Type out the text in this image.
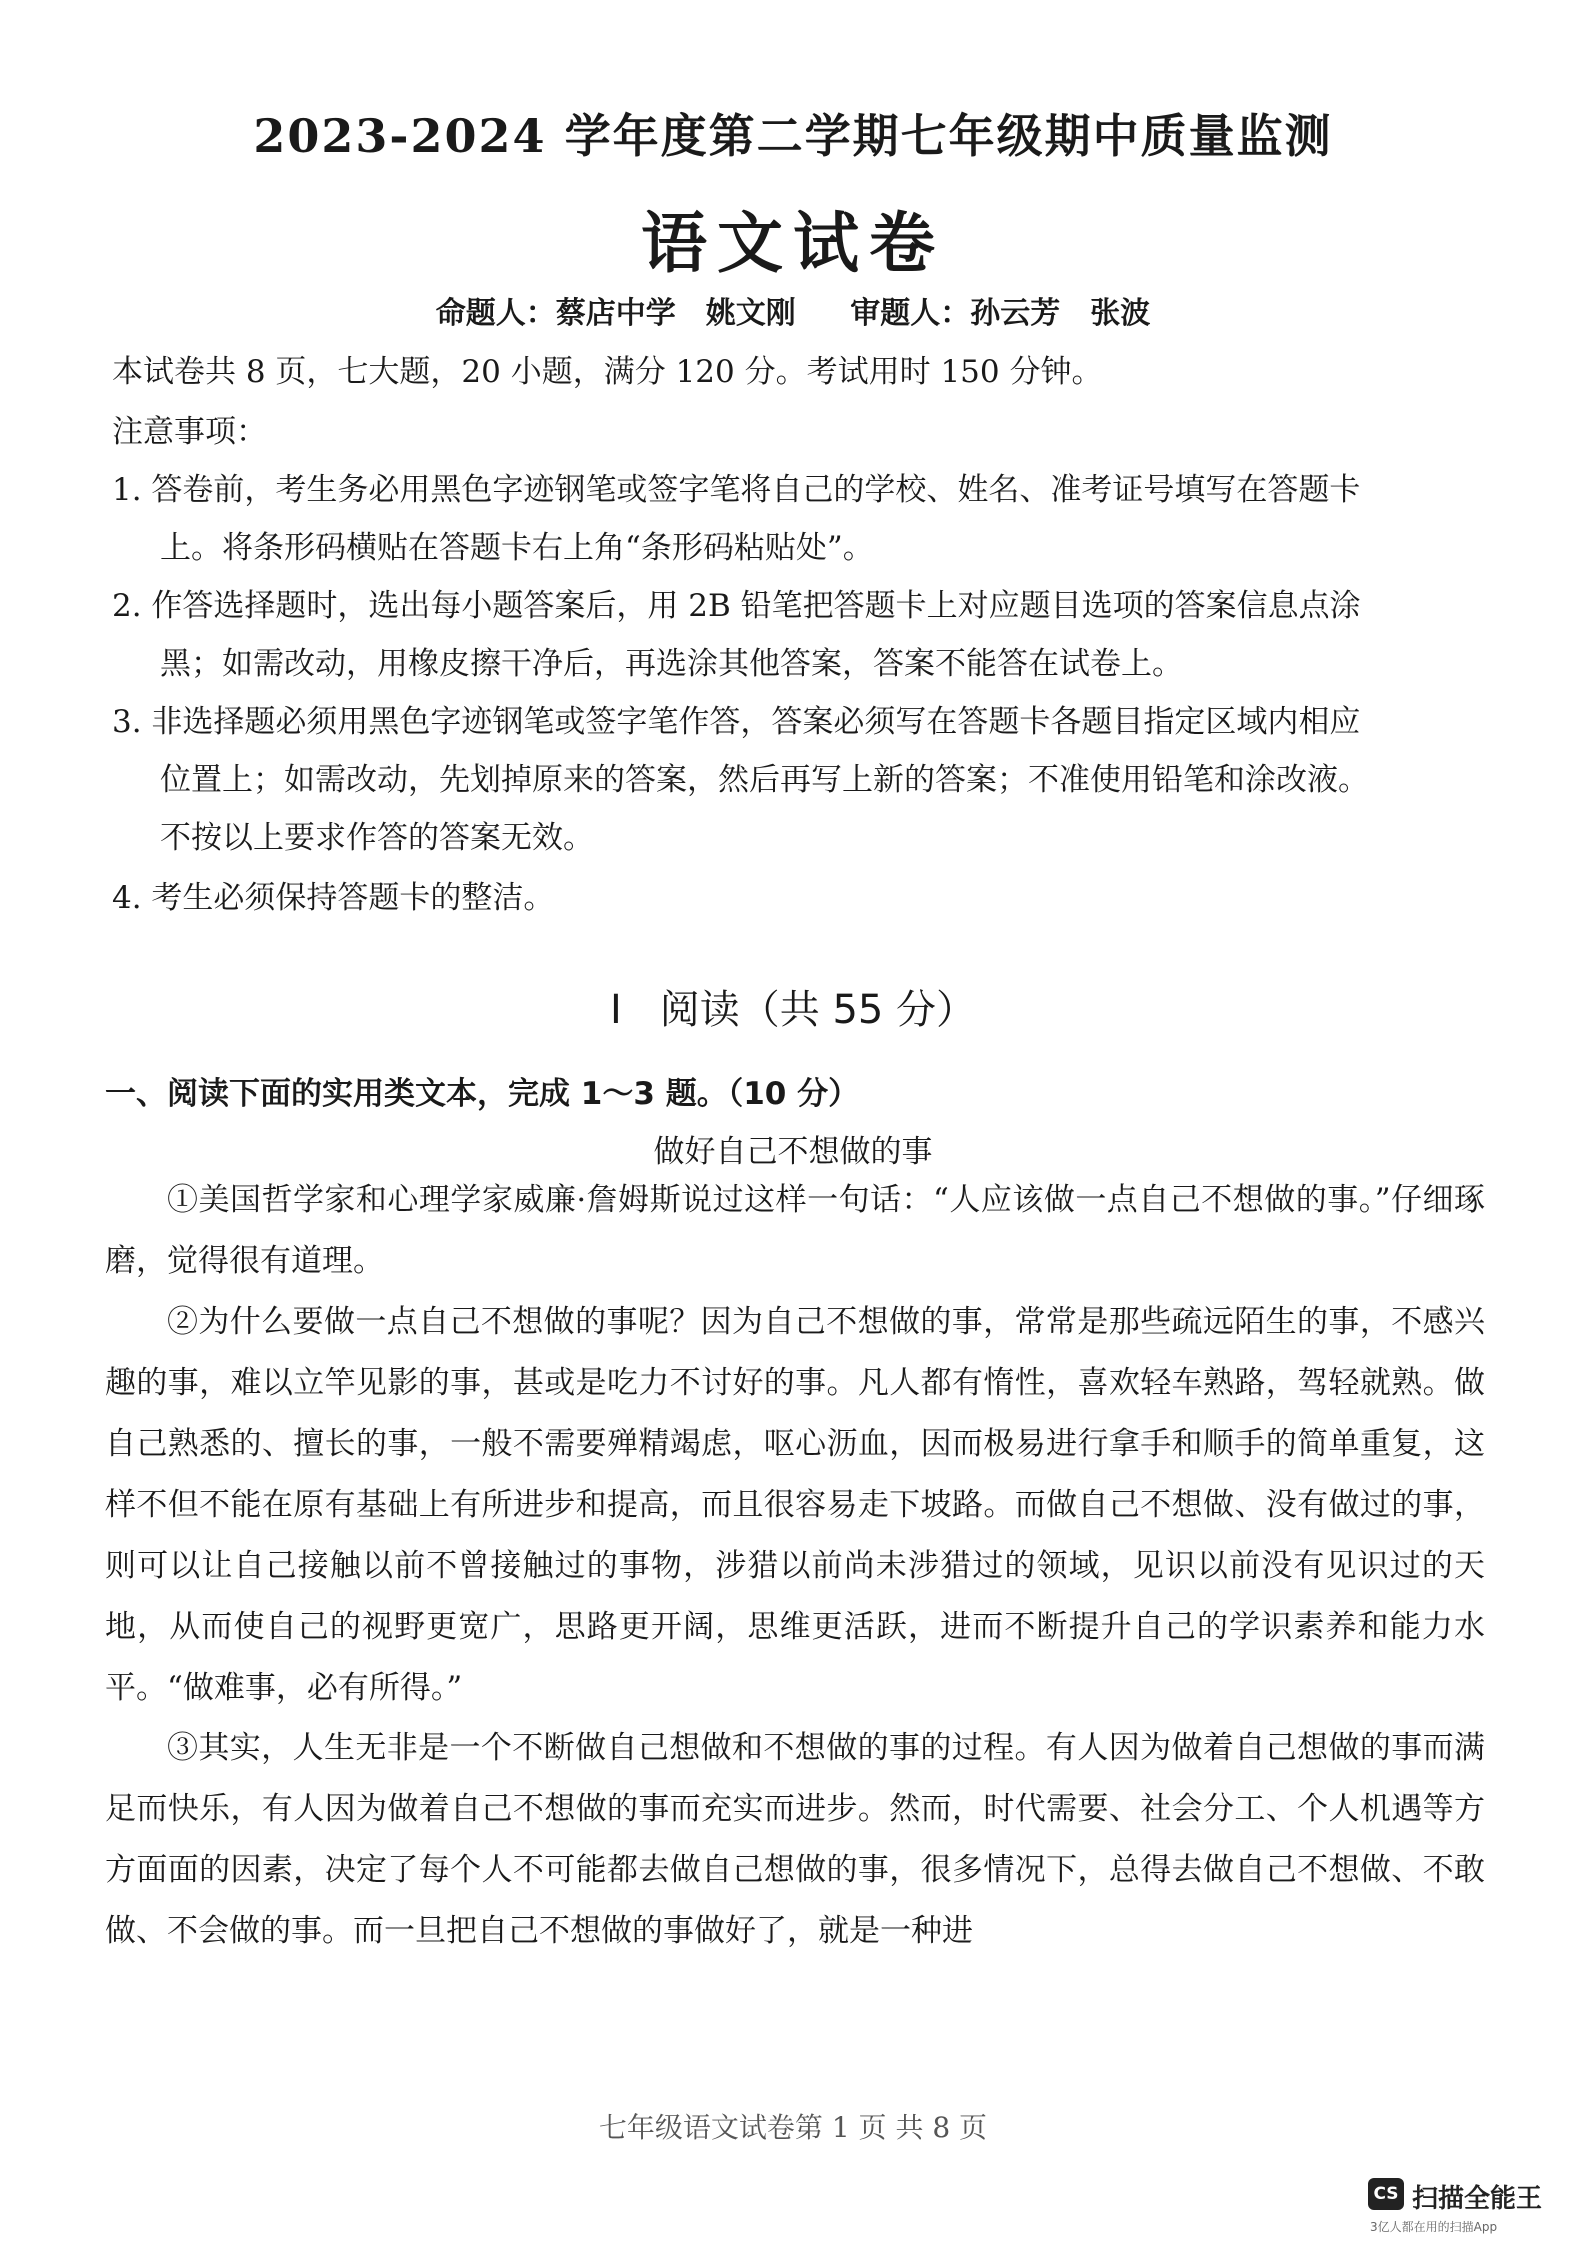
2023-2024 学年度第二学期七年级期中质量监测
语文试卷
命题人：蔡店中学　姚文刚 审题人：孙云芳　张波
本试卷共 8 页，七大题，20 小题，满分 120 分。考试用时 150 分钟。
注意事项：
1. 答卷前，考生务必用黑色字迹钢笔或签字笔将自己的学校、姓名、准考证号填写在答题卡
上。将条形码横贴在答题卡右上角“条形码粘贴处”。
2. 作答选择题时，选出每小题答案后，用 2B 铅笔把答题卡上对应题目选项的答案信息点涂
黑；如需改动，用橡皮擦干净后，再选涂其他答案，答案不能答在试卷上。
3. 非选择题必须用黑色字迹钢笔或签字笔作答，答案必须写在答题卡各题目指定区域内相应
位置上；如需改动，先划掉原来的答案，然后再写上新的答案；不准使用铅笔和涂改液。
不按以上要求作答的答案无效。
4. 考生必须保持答题卡的整洁。
Ⅰ 阅读（共 55 分）
一、阅读下面的实用类文本，完成 1～3 题。（10 分）
做好自己不想做的事
①美国哲学家和心理学家威廉·詹姆斯说过这样一句话：“人应该做一点自己不想做的事。”仔细琢磨，觉得很有道理。
②为什么要做一点自己不想做的事呢？因为自己不想做的事，常常是那些疏远陌生的事，不感兴趣的事，难以立竿见影的事，甚或是吃力不讨好的事。凡人都有惰性，喜欢轻车熟路，驾轻就熟。做自己熟悉的、擅长的事，一般不需要殚精竭虑，呕心沥血，因而极易进行拿手和顺手的简单重复，这样不但不能在原有基础上有所进步和提高，而且很容易走下坡路。而做自己不想做、没有做过的事，则可以让自己接触以前不曾接触过的事物，涉猎以前尚未涉猎过的领域，见识以前没有见识过的天地，从而使自己的视野更宽广，思路更开阔，思维更活跃，进而不断提升自己的学识素养和能力水平。“做难事，必有所得。”
③其实，人生无非是一个不断做自己想做和不想做的事的过程。有人因为做着自己想做的事而满足而快乐，有人因为做着自己不想做的事而充实而进步。然而，时代需要、社会分工、个人机遇等方方面面的因素，决定了每个人不可能都去做自己想做的事，很多情况下，总得去做自己不想做、不敢做、不会做的事。而一旦把自己不想做的事做好了，就是一种进
七年级语文试卷第 1 页 共 8 页
CS 扫描全能王
3亿人都在用的扫描App
